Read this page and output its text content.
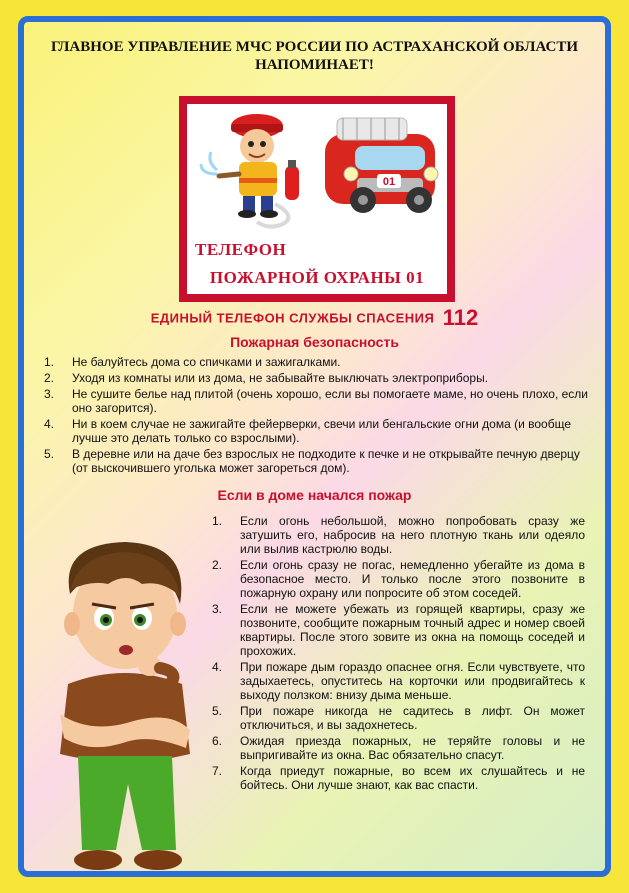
ГЛАВНОЕ УПРАВЛЕНИЕ МЧС РОССИИ ПО АСТРАХАНСКОЙ ОБЛАСТИ
НАПОМИНАЕТ!
01
ТЕЛЕФОН
ПОЖАРНОЙ ОХРАНЫ 01
ЕДИНЫЙ ТЕЛЕФОН СЛУЖБЫ СПАСЕНИЯ 112
Пожарная безопасность
1. Не балуйтесь дома со спичками и зажигалками.
2. Уходя из комнаты или из дома, не забывайте выключать электроприборы.
3. Не сушите белье над плитой (очень хорошо, если вы помогаете маме, но очень плохо, если оно загорится).
4. Ни в коем случае не зажигайте фейерверки, свечи или бенгальские огни дома (и вообще лучше это делать только со взрослыми).
5. В деревне или на даче без взрослых не подходите к печке и не открывайте печную дверцу (от выскочившего уголька может загореться дом).
Если в доме начался пожар
1. Если огонь небольшой, можно попробовать сразу же затушить его, набросив на него плотную ткань или одеяло или вылив кастрюлю воды.
2. Если огонь сразу не погас, немедленно убегайте из дома в безопасное место. И только после этого позвоните в пожарную охрану или попросите об этом соседей.
3. Если не можете убежать из горящей квартиры, сразу же позвоните, сообщите пожарным точный адрес и номер своей квартиры. После этого зовите из окна на помощь соседей и прохожих.
4. При пожаре дым гораздо опаснее огня. Если чувствуете, что задыхаетесь, опуститесь на корточки или продвигайтесь к выходу ползком: внизу дыма меньше.
5. При пожаре никогда не садитесь в лифт. Он может отключиться, и вы задохнетесь.
6. Ожидая приезда пожарных, не теряйте головы и не выпригивайте из окна. Вас обязательно спасут.
7. Когда приедут пожарные, во всем их слушайтесь и не бойтесь. Они лучше знают, как вас спасти.
